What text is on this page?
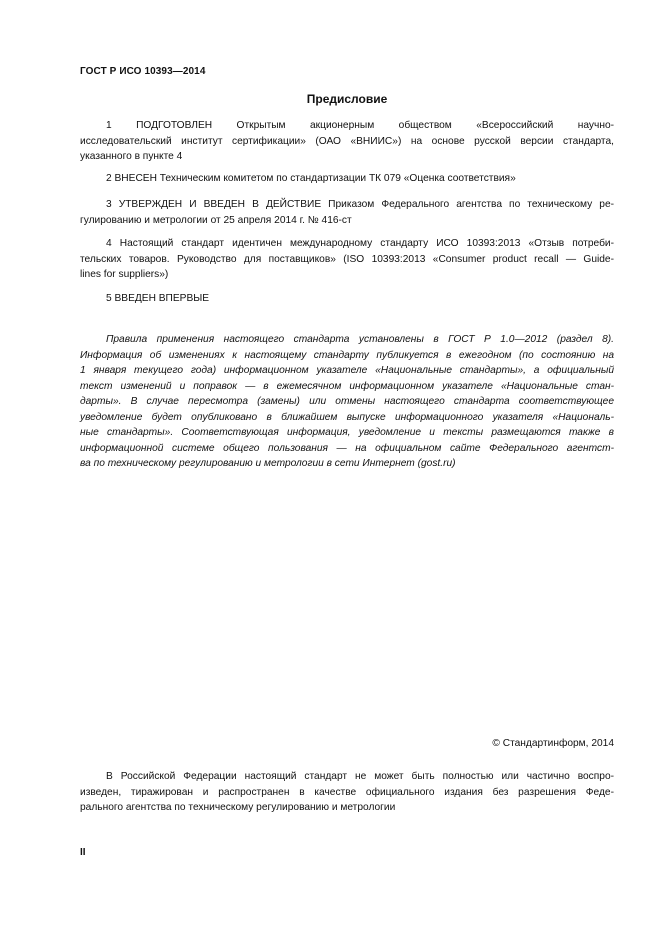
ГОСТ Р ИСО 10393—2014
Предисловие
1 ПОДГОТОВЛЕН Открытым акционерным обществом «Всероссийский научно-
исследовательский институт сертификации» (ОАО «ВНИИС») на основе русской версии стандарта,
указанного в пункте 4
2 ВНЕСЕН Техническим комитетом по стандартизации ТК 079 «Оценка соответствия»
3 УТВЕРЖДЕН И ВВЕДЕН В ДЕЙСТВИЕ Приказом Федерального агентства по техническому ре-
гулированию и метрологии от 25 апреля 2014 г. № 416-ст
4 Настоящий стандарт идентичен международному стандарту ИСО 10393:2013 «Отзыв потреби-
тельских товаров. Руководство для поставщиков» (ISO 10393:2013 «Consumer product recall — Guide-
lines for suppliers»)
5 ВВЕДЕН ВПЕРВЫЕ
Правила применения настоящего стандарта установлены в ГОСТ Р 1.0—2012 (раздел 8).
Информация об изменениях к настоящему стандарту публикуется в ежегодном (по состоянию на
1 января текущего года) информационном указателе «Национальные стандарты», а официальный
текст изменений и поправок — в ежемесячном информационном указателе «Национальные стан-
дарты». В случае пересмотра (замены) или отмены настоящего стандарта соответствующее
уведомление будет опубликовано в ближайшем выпуске информационного указателя «Националь-
ные стандарты». Соответствующая информация, уведомление и тексты размещаются также в
информационной системе общего пользования — на официальном сайте Федерального агентст-
ва по техническому регулированию и метрологии в сети Интернет (gost.ru)
© Стандартинформ, 2014
В Российской Федерации настоящий стандарт не может быть полностью или частично воспро-
изведен, тиражирован и распространен в качестве официального издания без разрешения Феде-
рального агентства по техническому регулированию и метрологии
II
